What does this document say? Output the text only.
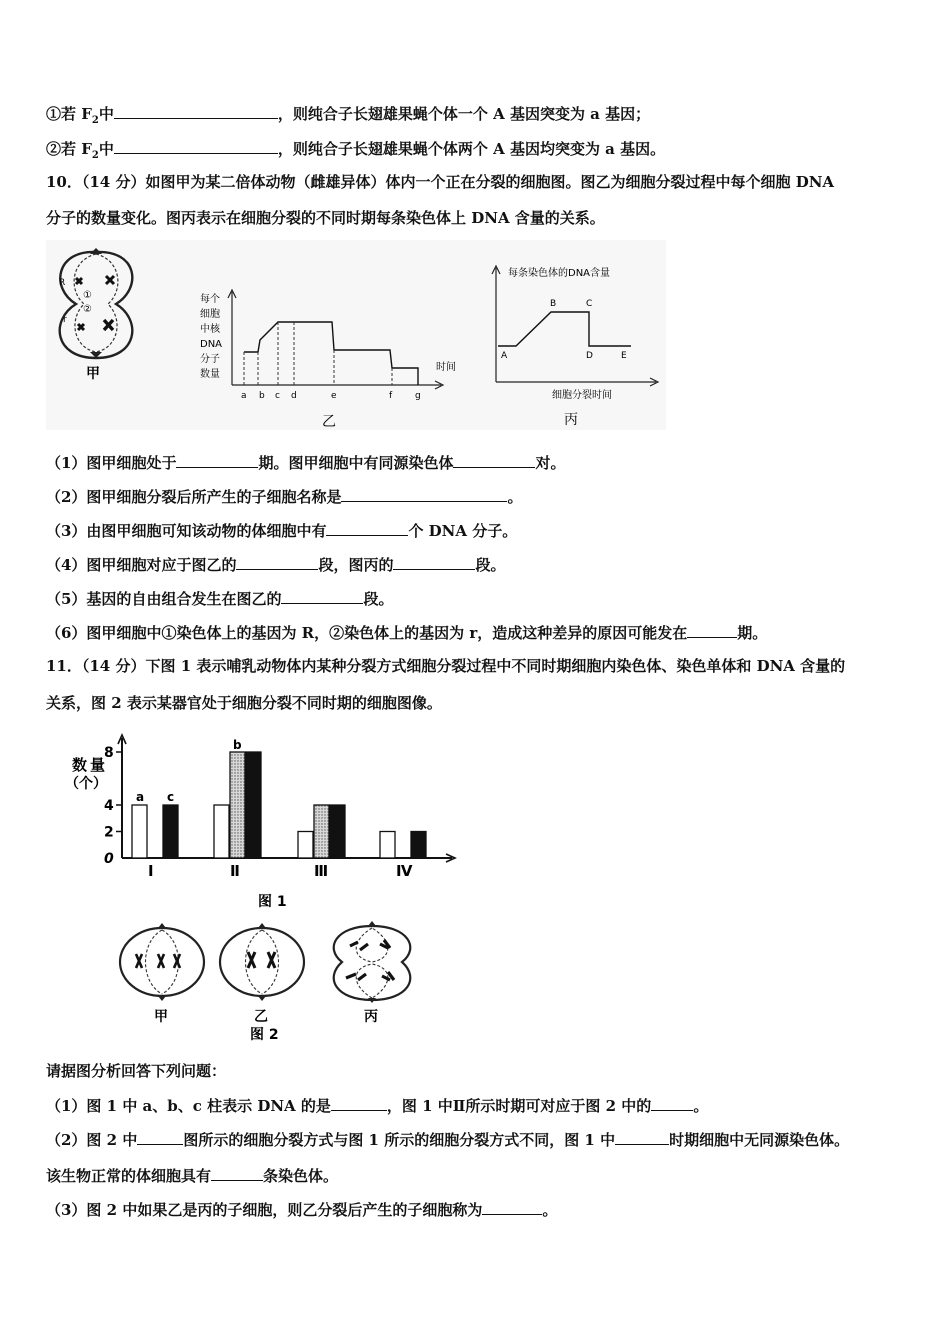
①若 $F_2$中	，则纯合子长翅雄果蝇个体一个 A 基因突变为 a 基因；
②若 $F_2$中	，则纯合子长翅雄果蝇个体两个 A 基因均突变为 a 基因。
10．（14 分）如图甲为某二倍体动物（雌雄异体）体内一个正在分裂的细胞图。图乙为细胞分裂过程中每个细胞 DNA
分子的数量变化。图丙表示在细胞分裂的不同时期每条染色体上 DNA 含量的关系。
R
①
②
r
甲
每个
细胞
中核
DNA
分子
数量
时间
a b c d	e	f	g
乙
每条染色体的DNA含量
A
B	C
D	E
细胞分裂时间
丙
（1）图甲细胞处于	期。图甲细胞中有同源染色体	对。
（2）图甲细胞分裂后所产生的子细胞名称是	。
（3）由图甲细胞可知该动物的体细胞中有	个 DNA 分子。
（4）图甲细胞对应于图乙的	段，图丙的	段。
（5）基因的自由组合发生在图乙的	段。
（6）图甲细胞中①染色体上的基因为 R，②染色体上的基因为 r，造成这种差异的原因可能发在	期。
11．（14 分）下图 1 表示哺乳动物体内某种分裂方式细胞分裂过程中不同时期细胞内染色体、染色单体和 DNA 含量的
关系，图 2 表示某器官处于细胞分裂不同时期的细胞图像。
数 量
（个）
0
2
4
8
a c
b
Ⅰ	Ⅱ	Ⅲ	Ⅳ
图 1
甲	乙
图 2
丙
请据图分析回答下列问题：
（1）图 1 中 a、b、c 柱表示 DNA 的是	，图 1 中Ⅱ所示时期可对应于图 2 中的	。
（2）图 2 中	图所示的细胞分裂方式与图 1 所示的细胞分裂方式不同，图 1 中	时期细胞中无同源染色体。
该生物正常的体细胞具有	条染色体。
（3）图 2 中如果乙是丙的子细胞，则乙分裂后产生的子细胞称为	。
